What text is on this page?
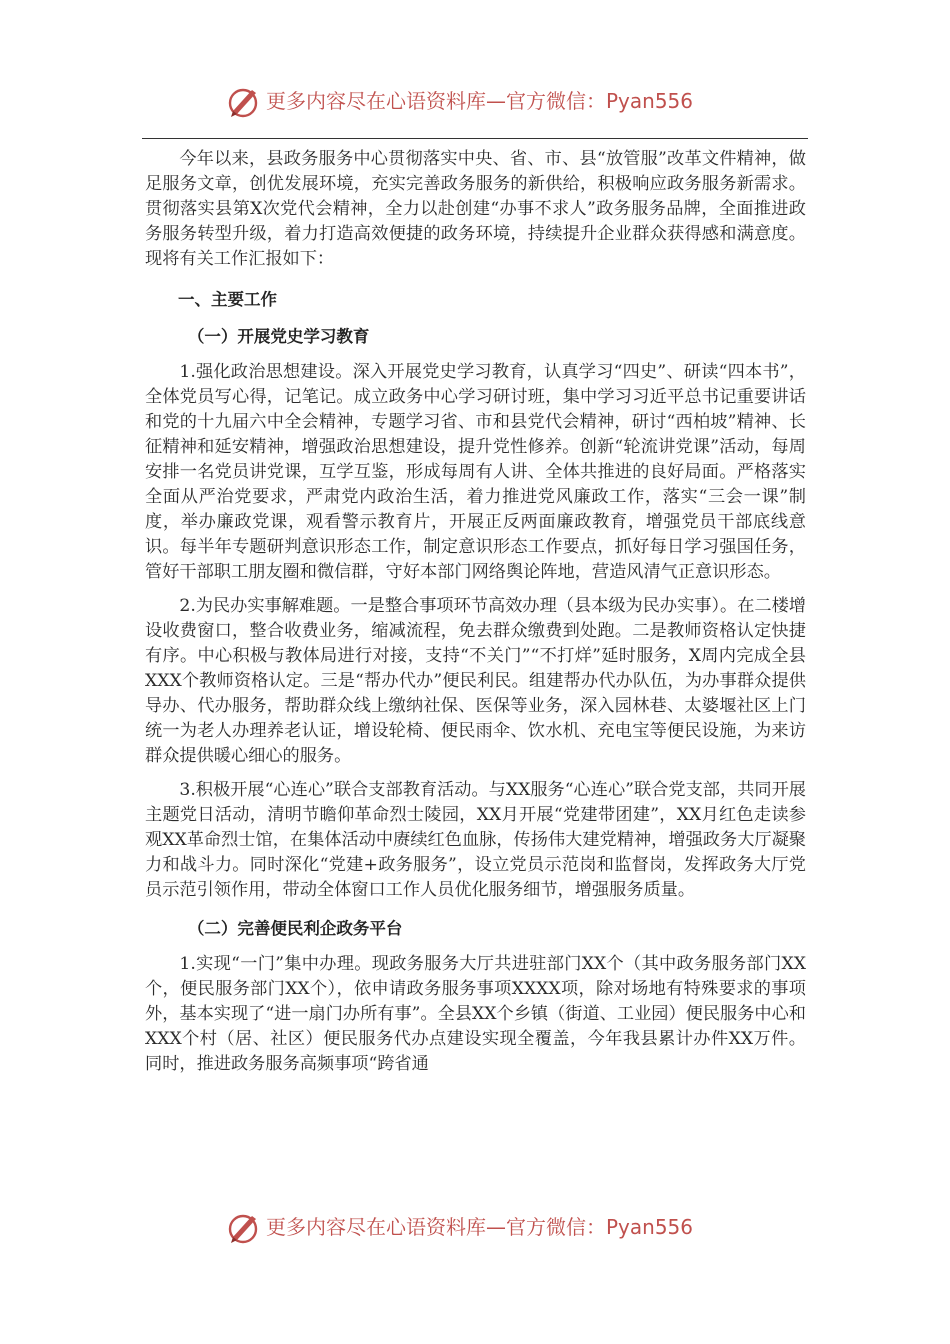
更多内容尽在心语资料库—官方微信：Pyan556

今年以来，县政务服务中心贯彻落实中央、省、市、县“放管服”改革文件精神，做足服务文章，创优发展环境，充实完善政务服务的新供给，积极响应政务服务新需求。贯彻落实县第X次党代会精神，全力以赴创建“办事不求人”政务服务品牌，全面推进政务服务转型升级，着力打造高效便捷的政务环境，持续提升企业群众获得感和满意度。现将有关工作汇报如下：

一、主要工作
（一）开展党史学习教育

1.强化政治思想建设。深入开展党史学习教育，认真学习“四史”、研读“四本书”，全体党员写心得，记笔记。成立政务中心学习研讨班，集中学习习近平总书记重要讲话和党的十九届六中全会精神，专题学习省、市和县党代会精神，研讨“西柏坡”精神、长征精神和延安精神，增强政治思想建设，提升党性修养。创新“轮流讲党课”活动，每周安排一名党员讲党课，互学互鉴，形成每周有人讲、全体共推进的良好局面。严格落实全面从严治党要求，严肃党内政治生活，着力推进党风廉政工作，落实“三会一课”制度，举办廉政党课，观看警示教育片，开展正反两面廉政教育，增强党员干部底线意识。每半年专题研判意识形态工作，制定意识形态工作要点，抓好每日学习强国任务，管好干部职工朋友圈和微信群，守好本部门网络舆论阵地，营造风清气正意识形态。

2.为民办实事解难题。一是整合事项环节高效办理（县本级为民办实事）。在二楼增设收费窗口，整合收费业务，缩减流程，免去群众缴费到处跑。二是教师资格认定快捷有序。中心积极与教体局进行对接，支持“不关门”“不打烊”延时服务，X周内完成全县XXX个教师资格认定。三是“帮办代办”便民利民。组建帮办代办队伍，为办事群众提供导办、代办服务，帮助群众线上缴纳社保、医保等业务，深入园林巷、太婆堰社区上门统一为老人办理养老认证，增设轮椅、便民雨伞、饮水机、充电宝等便民设施，为来访群众提供暖心细心的服务。

3.积极开展“心连心”联合支部教育活动。与XX服务“心连心”联合党支部，共同开展主题党日活动，清明节瞻仰革命烈士陵园，XX月开展“党建带团建”，XX月红色走读参观XX革命烈士馆，在集体活动中赓续红色血脉，传扬伟大建党精神，增强政务大厅凝聚力和战斗力。同时深化“党建+政务服务”，设立党员示范岗和监督岗，发挥政务大厅党员示范引领作用，带动全体窗口工作人员优化服务细节，增强服务质量。

（二）完善便民利企政务平台

1.实现“一门”集中办理。现政务服务大厅共进驻部门XX个（其中政务服务部门XX个，便民服务部门XX个），依申请政务服务事项XXXX项，除对场地有特殊要求的事项外，基本实现了“进一扇门办所有事”。全县XX个乡镇（街道、工业园）便民服务中心和XXX个村（居、社区）便民服务代办点建设实现全覆盖，今年我县累计办件XX万件。同时，推进政务服务高频事项“跨省通

更多内容尽在心语资料库—官方微信：Pyan556
